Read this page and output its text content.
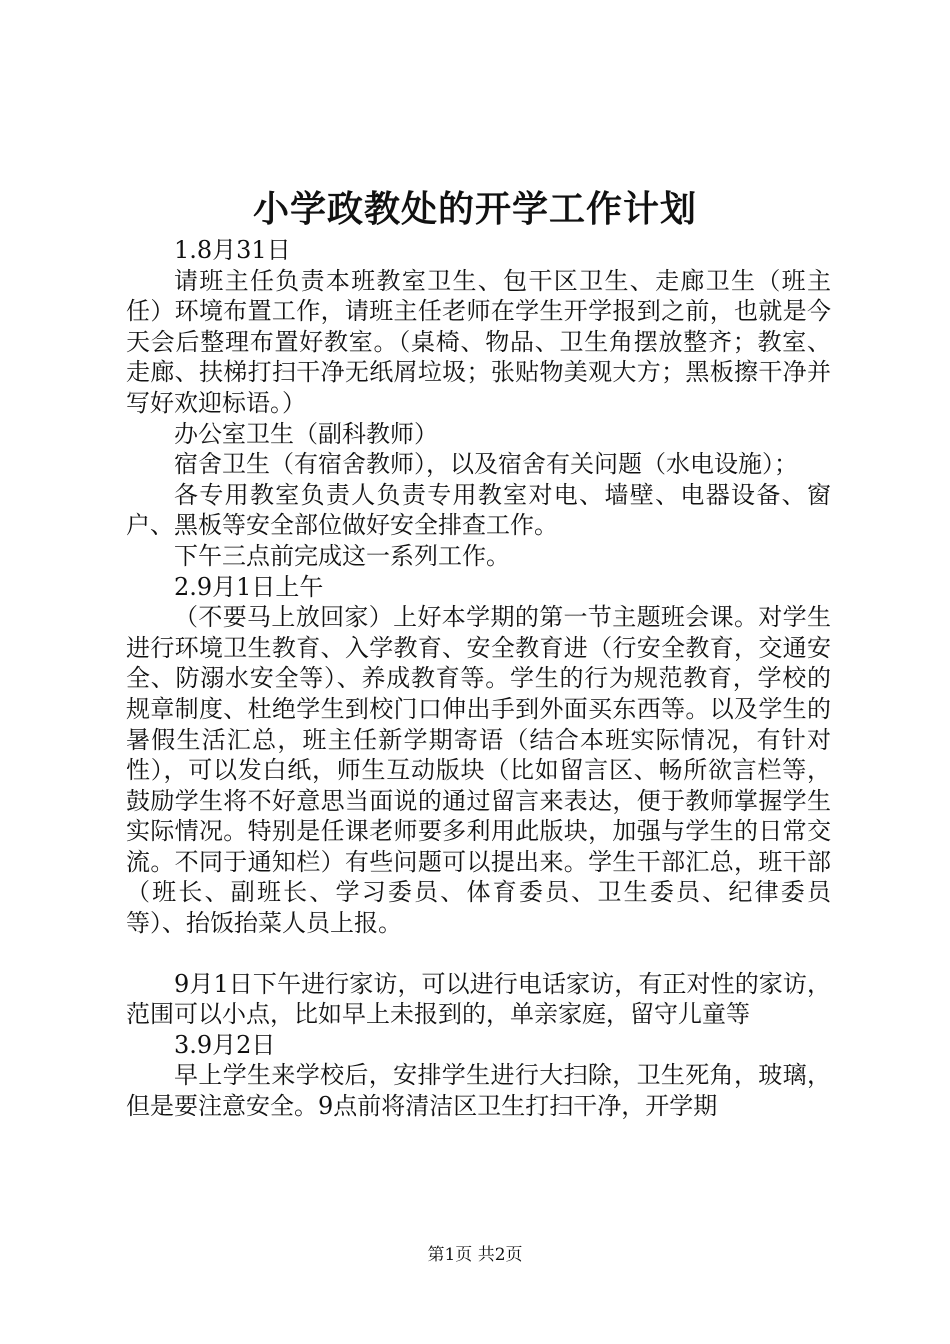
小学政教处的开学工作计划

1.8月31日

请班主任负责本班教室卫生、包干区卫生、走廊卫生（班主任）环境布置工作，请班主任老师在学生开学报到之前，也就是今天会后整理布置好教室。（桌椅、物品、卫生角摆放整齐；教室、走廊、扶梯打扫干净无纸屑垃圾；张贴物美观大方；黑板擦干净并写好欢迎标语。）

办公室卫生（副科教师）

宿舍卫生（有宿舍教师），以及宿舍有关问题（水电设施）；

各专用教室负责人负责专用教室对电、墙壁、电器设备、窗户、黑板等安全部位做好安全排查工作。

下午三点前完成这一系列工作。

2.9月1日上午

（不要马上放回家）上好本学期的第一节主题班会课。对学生进行环境卫生教育、入学教育、安全教育进（行安全教育，交通安全、防溺水安全等）、养成教育等。学生的行为规范教育，学校的规章制度、杜绝学生到校门口伸出手到外面买东西等。以及学生的暑假生活汇总，班主任新学期寄语（结合本班实际情况，有针对性），可以发白纸，师生互动版块（比如留言区、畅所欲言栏等，鼓励学生将不好意思当面说的通过留言来表达，便于教师掌握学生实际情况。特别是任课老师要多利用此版块，加强与学生的日常交流。不同于通知栏）有些问题可以提出来。学生干部汇总，班干部（班长、副班长、学习委员、体育委员、卫生委员、纪律委员等）、抬饭抬菜人员上报。

9月1日下午进行家访，可以进行电话家访，有正对性的家访，范围可以小点，比如早上未报到的，单亲家庭，留守儿童等

3.9月2日

早上学生来学校后，安排学生进行大扫除，卫生死角，玻璃，但是要注意安全。9点前将清洁区卫生打扫干净，开学期

第1页 共2页
